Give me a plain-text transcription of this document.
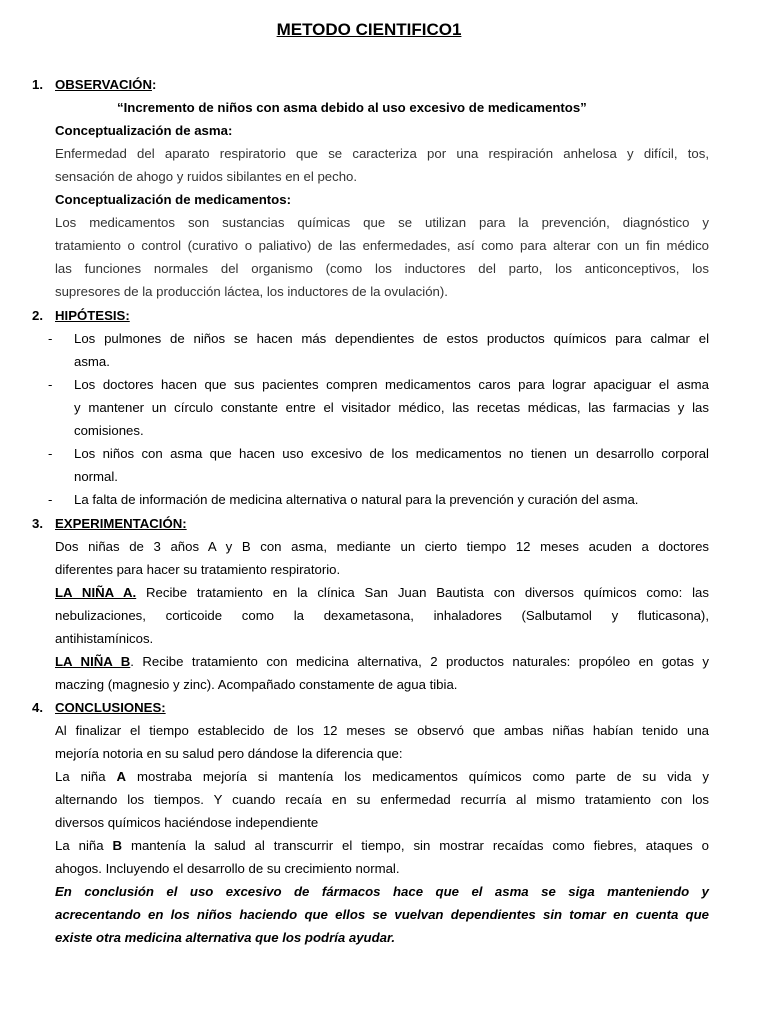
METODO CIENTIFICO1
1. OBSERVACIÓN:
“Incremento de niños con asma debido al uso excesivo de medicamentos”
Conceptualización de asma:
Enfermedad del aparato respiratorio que se caracteriza por una respiración anhelosa y difícil, tos,
sensación de ahogo y ruidos sibilantes en el pecho.
Conceptualización de medicamentos:
Los medicamentos son sustancias químicas que se utilizan para la prevención, diagnóstico y
tratamiento o control (curativo o paliativo) de las enfermedades, así como para alterar con un fin médico
las funciones normales del organismo (como los inductores del parto, los anticonceptivos, los
supresores de la producción láctea, los inductores de la ovulación).
2. HIPÓTESIS:
- Los pulmones de niños se hacen más dependientes de estos productos químicos para calmar el
asma.
- Los doctores hacen que sus pacientes compren medicamentos caros para lograr apaciguar el asma
y mantener un círculo constante entre el visitador médico, las recetas médicas, las farmacias y las
comisiones.
- Los niños con asma que hacen uso excesivo de los medicamentos no tienen un desarrollo corporal
normal.
- La falta de información de medicina alternativa o natural para la prevención y curación del asma.
3. EXPERIMENTACIÓN:
Dos niñas de 3 años A y B con asma, mediante un cierto tiempo 12 meses acuden a doctores
diferentes para hacer su tratamiento respiratorio.
LA NIÑA A. Recibe tratamiento en la clínica San Juan Bautista con diversos químicos como: las
nebulizaciones, corticoide como la dexametasona, inhaladores (Salbutamol y fluticasona),
antihistamínicos.
LA NIÑA B. Recibe tratamiento con medicina alternativa, 2 productos naturales: propóleo en gotas y
maczing (magnesio y zinc). Acompañado constamente de agua tibia.
4. CONCLUSIONES:
Al finalizar el tiempo establecido de los 12 meses se observó que ambas niñas habían tenido una
mejoría notoria en su salud pero dándose la diferencia que:
La niña A mostraba mejoría si mantenía los medicamentos químicos como parte de su vida y
alternando los tiempos. Y cuando recaía en su enfermedad recurría al mismo tratamiento con los
diversos químicos haciéndose independiente
La niña B mantenía la salud al transcurrir el tiempo, sin mostrar recaídas como fiebres, ataques o
ahogos. Incluyendo el desarrollo de su crecimiento normal.
En conclusión el uso excesivo de fármacos hace que el asma se siga manteniendo y
acrecentando en los niños haciendo que ellos se vuelvan dependientes sin tomar en cuenta que
existe otra medicina alternativa que los podría ayudar.
